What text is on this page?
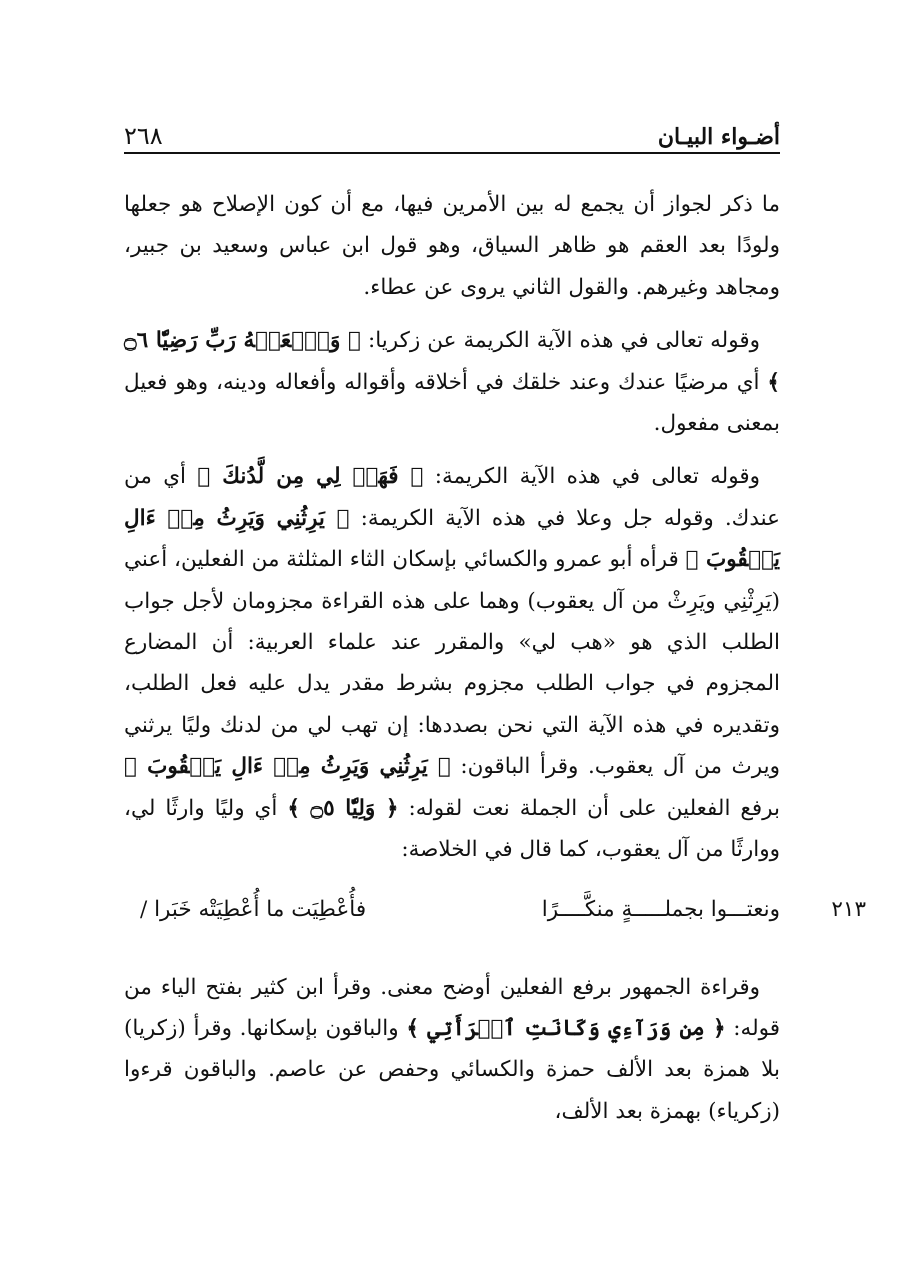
أضـواء البيـان
٢٦٨

ما ذكر لجواز أن يجمع له بين الأمرين فيها، مع أن كون الإصلاح هو جعلها ولودًا بعد العقم هو ظاهر السياق، وهو قول ابن عباس وسعيد بن جبير، ومجاهد وغيرهم. والقول الثاني يروى عن عطاء.

وقوله تعالى في هذه الآية الكريمة عن زكريا: ﴿ وَٱجۡعَلۡهُ رَبِّ رَضِيّٗا ۝٦ ﴾ أي مرضيًا عندك وعند خلقك في أخلاقه وأقواله وأفعاله ودينه، وهو فعيل بمعنى مفعول.

وقوله تعالى في هذه الآية الكريمة: ﴿ فَهَبۡ لِي مِن لَّدُنكَ ﴾ أي من عندك. وقوله جل وعلا في هذه الآية الكريمة: ﴿ يَرِثُنِي وَيَرِثُ مِنۡ ءَالِ يَعۡقُوبَ ﴾ قرأه أبو عمرو والكسائي بإسكان الثاء المثلثة من الفعلين، أعني (يَرِثْنِي ويَرِثْ من آل يعقوب) وهما على هذه القراءة مجزومان لأجل جواب الطلب الذي هو «هب لي» والمقرر عند علماء العربية: أن المضارع المجزوم في جواب الطلب مجزوم بشرط مقدر يدل عليه فعل الطلب، وتقديره في هذه الآية التي نحن بصددها: إن تهب لي من لدنك وليًا يرثني ويرث من آل يعقوب. وقرأ الباقون: ﴿ يَرِثُنِي وَيَرِثُ مِنۡ ءَالِ يَعۡقُوبَ ﴾ برفع الفعلين على أن الجملة نعت لقوله: ﴿ وَلِيّٗا ۝٥ ﴾ أي وليًا وارثًا لي، ووارثًا من آل يعقوب، كما قال في الخلاصة:

٢١٣
ونعتـــوا بجملـــــةٍ منكَّــــرًا
فأُعْطِيَت ما أُعْطِيَتْه خَبَرا /

وقراءة الجمهور برفع الفعلين أوضح معنى. وقرأ ابن كثير بفتح الياء من قوله: ﴿ مِن وَرَآءِي وَكَانَتِ ٱمۡرَأَتِي ﴾ والباقون بإسكانها. وقرأ (زكريا) بلا همزة بعد الألف حمزة والكسائي وحفص عن عاصم. والباقون قرءوا (زكرياء) بهمزة بعد الألف،
